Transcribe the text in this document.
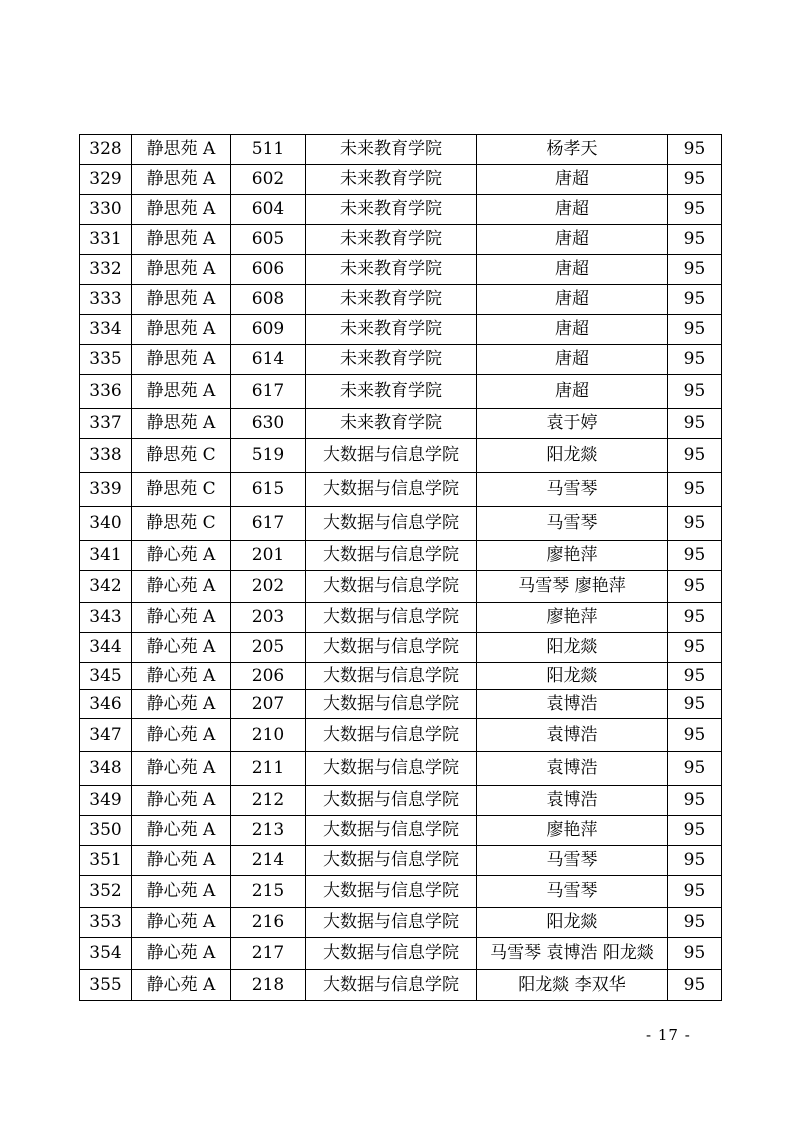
328	静思苑 A	511	未来教育学院	杨孝天	95
329	静思苑 A	602	未来教育学院	唐超	95
330	静思苑 A	604	未来教育学院	唐超	95
331	静思苑 A	605	未来教育学院	唐超	95
332	静思苑 A	606	未来教育学院	唐超	95
333	静思苑 A	608	未来教育学院	唐超	95
334	静思苑 A	609	未来教育学院	唐超	95
335	静思苑 A	614	未来教育学院	唐超	95
336	静思苑 A	617	未来教育学院	唐超	95
337	静思苑 A	630	未来教育学院	袁于婷	95
338	静思苑 C	519	大数据与信息学院	阳龙燚	95
339	静思苑 C	615	大数据与信息学院	马雪琴	95
340	静思苑 C	617	大数据与信息学院	马雪琴	95
341	静心苑 A	201	大数据与信息学院	廖艳萍	95
342	静心苑 A	202	大数据与信息学院	马雪琴 廖艳萍	95
343	静心苑 A	203	大数据与信息学院	廖艳萍	95
344	静心苑 A	205	大数据与信息学院	阳龙燚	95
345	静心苑 A	206	大数据与信息学院	阳龙燚	95
346	静心苑 A	207	大数据与信息学院	袁博浩	95
347	静心苑 A	210	大数据与信息学院	袁博浩	95
348	静心苑 A	211	大数据与信息学院	袁博浩	95
349	静心苑 A	212	大数据与信息学院	袁博浩	95
350	静心苑 A	213	大数据与信息学院	廖艳萍	95
351	静心苑 A	214	大数据与信息学院	马雪琴	95
352	静心苑 A	215	大数据与信息学院	马雪琴	95
353	静心苑 A	216	大数据与信息学院	阳龙燚	95
354	静心苑 A	217	大数据与信息学院	马雪琴 袁博浩 阳龙燚	95
355	静心苑 A	218	大数据与信息学院	阳龙燚 李双华	95
- 17 -
